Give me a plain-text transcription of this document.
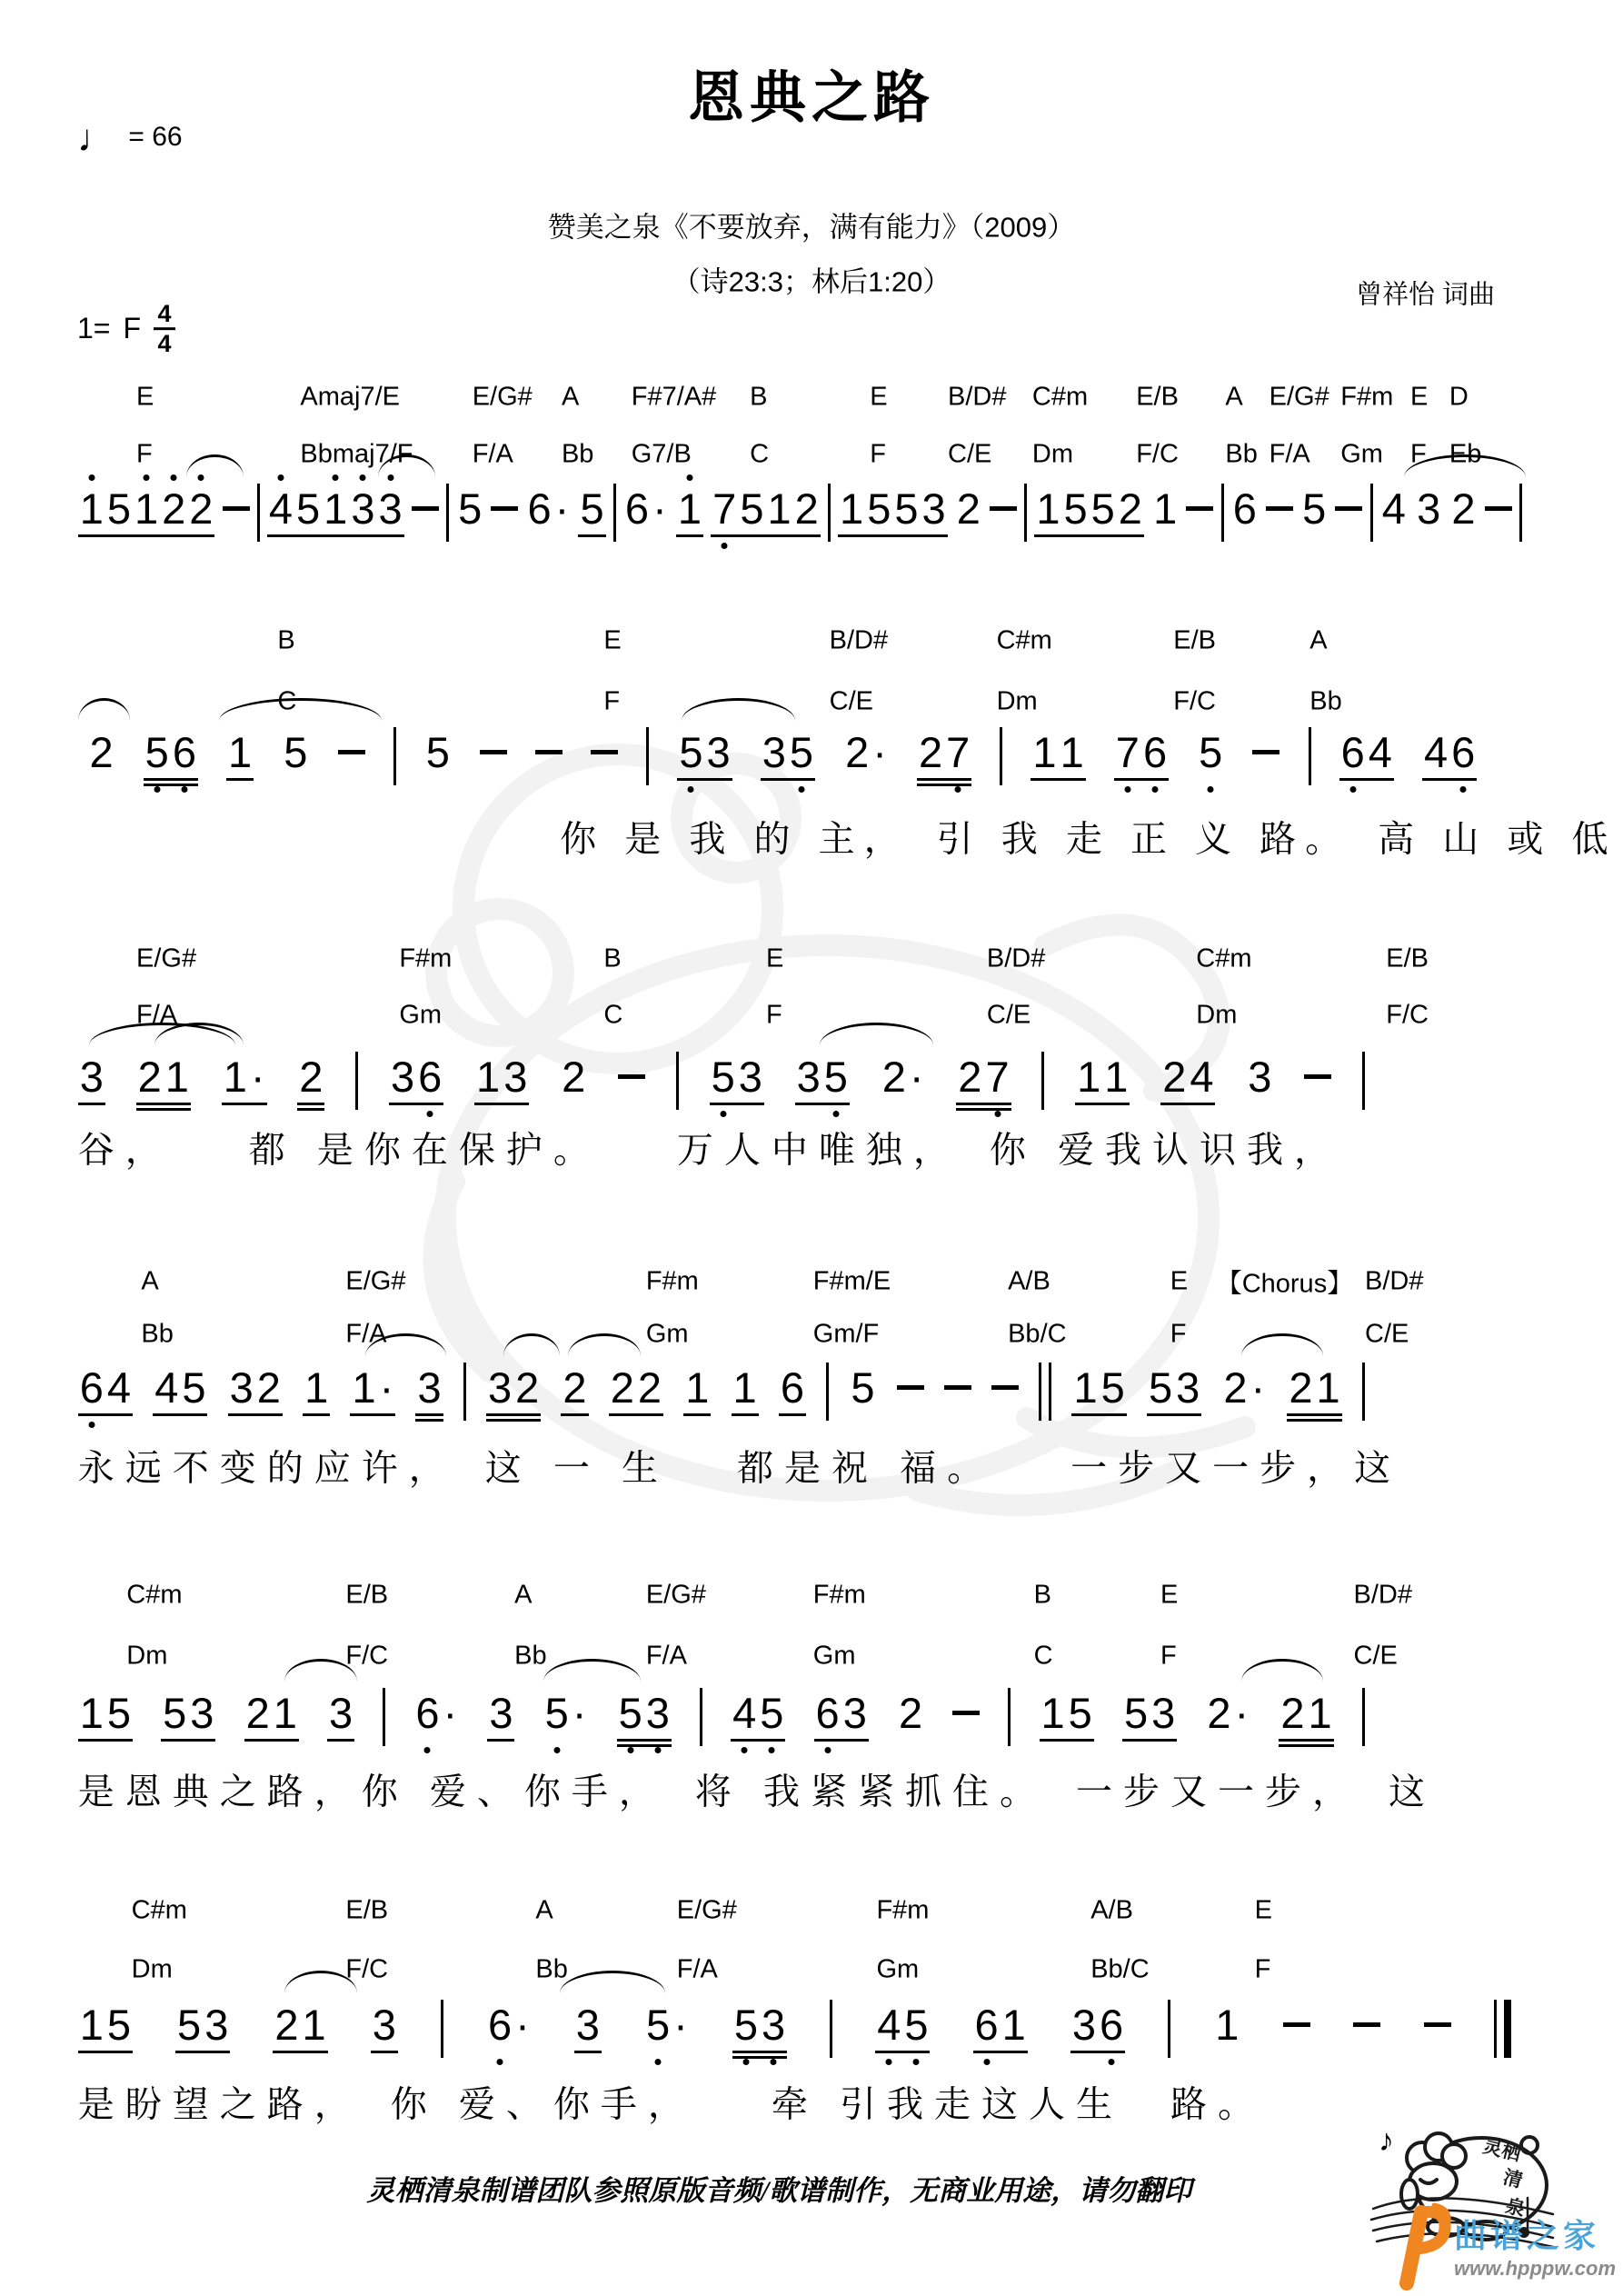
恩典之路
♩ = 66
赞美之泉《不要放弃，满有能力》（2009）
（诗23:3；林后1:20）	曾祥怡 词曲
1= F $\frac{4}{4}$
E	Amaj7/E	E/G# A F#7/A# B	E B/D# C#m E/B A E/G# F#m E D
F	Bbmaj7/F F/A Bb G7/B C	F C/E Dm F/C Bb F/A Gm F Eb
1 5 1 2 2 4 5 1 3 3 5 6 · 5 6 · 1 7 5 1 2 1 5 5 3 2 1 5 5 2 1 6 5 4 3 2
B	E	B/D#	C#m	E/B	A
C	F	C/E	Dm	F/C	Bb
2 5 6 1 5	5	5 3 3 5 2 · 2 7 1 1 7 6 5	6 4 4 6
你 是 我 的 主，　引 我 走 正 义 路。　高 山 或 低
E/G#	F#m	B	E	B/D#	C#m	E/B
F/A	Gm	C	F	C/E	Dm	F/C
3 2 1 1 · 2 3 6 1 3 2	5 3 3 5 2 · 2 7 1 1 2 4 3
谷，　　都 是你在保护。　　万人中唯独，　你 爱我认识我，
A	E/G#	F#m	F#m/E	A/B	E 【Chorus】 B/D#
Bb	F/A	Gm	Gm/F	Bb/C	F	C/E
6 4 4 5 3 2 1 1 · 3 3 2 2 2 2 1 1 6 5	1 5 5 3 2 · 2 1
永远不变的应许，　这 一 生　 都是祝 福。　　一步又一步，这
C#m	E/B	A	E/G#	F#m	B	E	B/D#
Dm	F/C	Bb	F/A	Gm	C	F	C/E
1 5 5 3 2 1 3 6 · 3 5 · 5 3 4 5 6 3 2	1 5 5 3 2 · 2 1
是恩典之路，你 爱、你手，　将 我紧紧抓住。　一步又一步，　这
C#m	E/B	A	E/G#	F#m	A/B	E
Dm	F/C	Bb	F/A	Gm	Bb/C	F
1 5 5 3 2 1 3 6 · 3 5 · 5 3 4 5 6 1 3 6 1
是盼望之路，　你 爱、你手，　　牵 引我走这人生　路。
灵栖清泉制谱团队参照原版音频/歌谱制作，无商业用途，请勿翻印
♪	灵栖
清
泉
曲谱之家
www.hpppw.com
